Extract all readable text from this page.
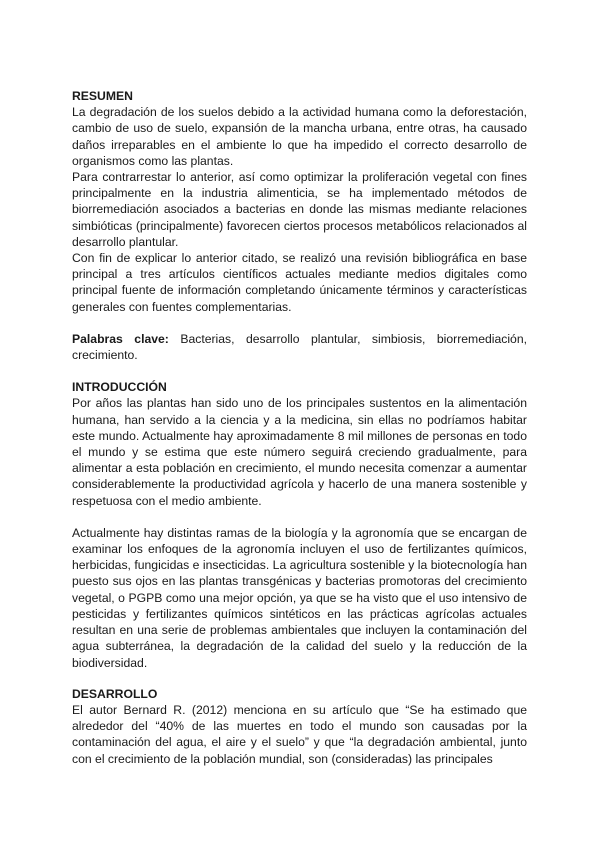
RESUMEN

La degradación de los suelos debido a la actividad humana como la deforestación, cambio de uso de suelo, expansión de la mancha urbana, entre otras, ha causado daños irreparables en el ambiente lo que ha impedido el correcto desarrollo de organismos como las plantas.

Para contrarrestar lo anterior, así como optimizar la proliferación vegetal con fines principalmente en la industria alimenticia, se ha implementado métodos de biorremediación asociados a bacterias en donde las mismas mediante relaciones simbióticas (principalmente) favorecen ciertos procesos metabólicos relacionados al desarrollo plantular.

Con fin de explicar lo anterior citado, se realizó una revisión bibliográfica en base principal a tres artículos científicos actuales mediante medios digitales como principal fuente de información completando únicamente términos y características generales con fuentes complementarias.

Palabras clave: Bacterias, desarrollo plantular, simbiosis, biorremediación, crecimiento.

INTRODUCCIÓN

Por años las plantas han sido uno de los principales sustentos en la alimentación humana, han servido a la ciencia y a la medicina, sin ellas no podríamos habitar este mundo. Actualmente hay aproximadamente 8 mil millones de personas en todo el mundo y se estima que este número seguirá creciendo gradualmente, para alimentar a esta población en crecimiento, el mundo necesita comenzar a aumentar considerablemente la productividad agrícola y hacerlo de una manera sostenible y respetuosa con el medio ambiente.

Actualmente hay distintas ramas de la biología y la agronomía que se encargan de examinar los enfoques de la agronomía incluyen el uso de fertilizantes químicos, herbicidas, fungicidas e insecticidas. La agricultura sostenible y la biotecnología han puesto sus ojos en las plantas transgénicas y bacterias promotoras del crecimiento vegetal, o PGPB como una mejor opción, ya que se ha visto que el uso intensivo de pesticidas y fertilizantes químicos sintéticos en las prácticas agrícolas actuales resultan en una serie de problemas ambientales que incluyen la contaminación del agua subterránea, la degradación de la calidad del suelo y la reducción de la biodiversidad.

DESARROLLO

El autor Bernard R. (2012) menciona en su artículo que “Se ha estimado que alrededor del “40% de las muertes en todo el mundo son causadas por la contaminación del agua, el aire y el suelo” y que “la degradación ambiental, junto con el crecimiento de la población mundial, son (consideradas) las principales
